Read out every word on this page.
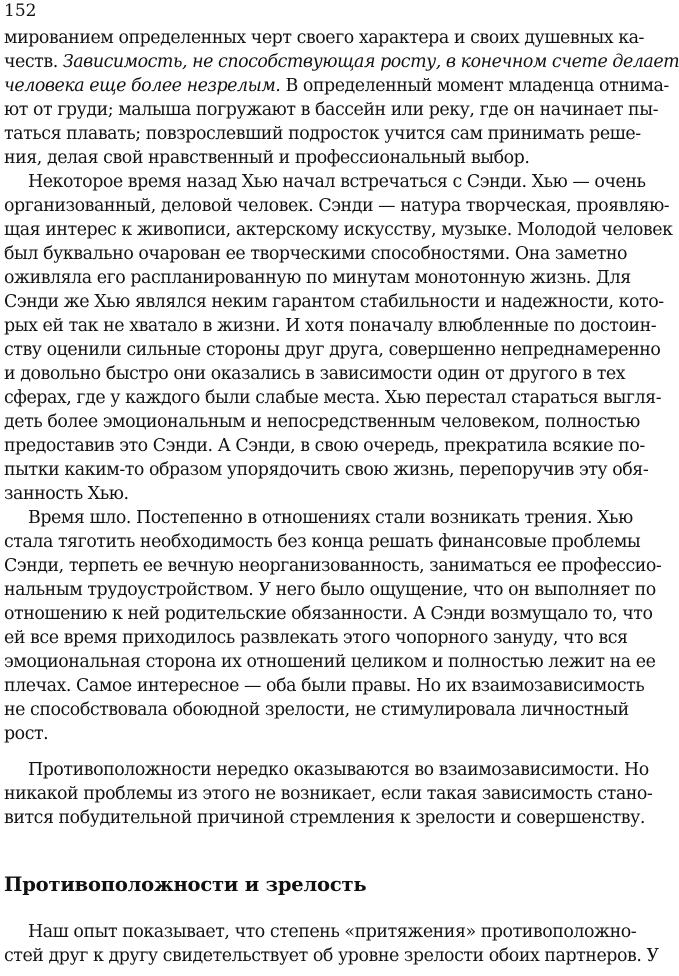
152
мированием определенных черт своего характера и своих душевных ка-
честв. Зависимость, не способствующая росту, в конечном счете делает
человека еще более незрелым. В определенный момент младенца отнима-
ют от груди; малыша погружают в бассейн или реку, где он начинает пы-
таться плавать; повзрослевший подросток учится сам принимать реше-
ния, делая свой нравственный и профессиональный выбор.
Некоторое время назад Хью начал встречаться с Сэнди. Хью — очень
организованный, деловой человек. Сэнди — натура творческая, проявляю-
щая интерес к живописи, актерскому искусству, музыке. Молодой человек
был буквально очарован ее творческими способностями. Она заметно
оживляла его распланированную по минутам монотонную жизнь. Для
Сэнди же Хью являлся неким гарантом стабильности и надежности, кото-
рых ей так не хватало в жизни. И хотя поначалу влюбленные по достоин-
ству оценили сильные стороны друг друга, совершенно непреднамеренно
и довольно быстро они оказались в зависимости один от другого в тех
сферах, где у каждого были слабые места. Хью перестал стараться выгля-
деть более эмоциональным и непосредственным человеком, полностью
предоставив это Сэнди. А Сэнди, в свою очередь, прекратила всякие по-
пытки каким-то образом упорядочить свою жизнь, перепоручив эту обя-
занность Хью.
Время шло. Постепенно в отношениях стали возникать трения. Хью
стала тяготить необходимость без конца решать финансовые проблемы
Сэнди, терпеть ее вечную неорганизованность, заниматься ее профессио-
нальным трудоустройством. У него было ощущение, что он выполняет по
отношению к ней родительские обязанности. А Сэнди возмущало то, что
ей все время приходилось развлекать этого чопорного зануду, что вся
эмоциональная сторона их отношений целиком и полностью лежит на ее
плечах. Самое интересное — оба были правы. Но их взаимозависимость
не способствовала обоюдной зрелости, не стимулировала личностный
рост.
Противоположности нередко оказываются во взаимозависимости. Но
никакой проблемы из этого не возникает, если такая зависимость стано-
вится побудительной причиной стремления к зрелости и совершенству.
Противоположности и зрелость
Наш опыт показывает, что степень «притяжения» противоположно-
стей друг к другу свидетельствует об уровне зрелости обоих партнеров. У
